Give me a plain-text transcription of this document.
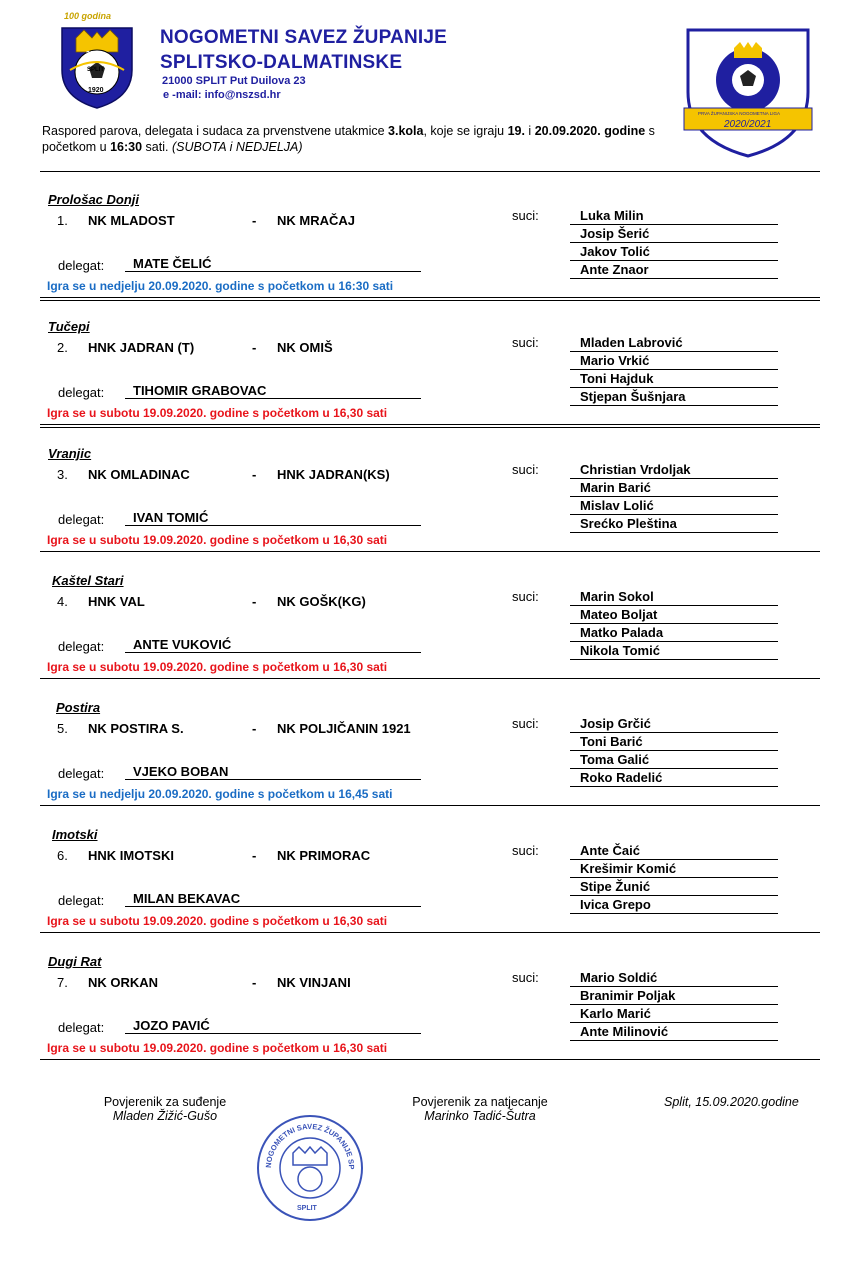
100 godina
2020
SPLIT
1920
NOGOMETNI SAVEZ ŽUPANIJE
SPLITSKO-DALMATINSKE
21000 SPLIT Put Duilova 23
e -mail: info@nszsd.hr
PRVA ŽUPANIJSKA NOGOMETNA LIGA
2020/2021
Raspored parova, delegata i sudaca za prvenstvene utakmice 3.kola, koje se igraju 19. i 20.09.2020. godine s početkom u 16:30 sati. (SUBOTA i NEDJELJA)
Prološac Donji
1. NK MLADOST	- NK MRAČAJ
delegat:	MATE ČELIĆ
suci:	Luka Milin
Josip Šerić
Jakov Tolić
Ante Znaor
Igra se u nedjelju 20.09.2020. godine s početkom u 16:30 sati
Tučepi
2. HNK JADRAN (T)	- NK OMIŠ
delegat:	TIHOMIR GRABOVAC
suci:	Mladen Labrović
Mario Vrkić
Toni Hajduk
Stjepan Šušnjara
Igra se u subotu 19.09.2020. godine s početkom u 16,30 sati
Vranjic
3. NK OMLADINAC	- HNK JADRAN(KS)
delegat:	IVAN TOMIĆ
suci:	Christian Vrdoljak
Marin Barić
Mislav Lolić
Srećko Pleština
Igra se u subotu 19.09.2020. godine s početkom u 16,30 sati
Kaštel Stari
4. HNK VAL	- NK GOŠK(KG)
delegat:	ANTE VUKOVIĆ
suci:	Marin Sokol
Mateo Boljat
Matko Palada
Nikola Tomić
Igra se u subotu 19.09.2020. godine s početkom u 16,30 sati
Postira
5. NK POSTIRA S.	- NK POLJIČANIN 1921
delegat:	VJEKO BOBAN
suci:	Josip Grčić
Toni Barić
Toma Galić
Roko Radelić
Igra se u nedjelju 20.09.2020. godine s početkom u 16,45 sati
Imotski
6. HNK IMOTSKI	- NK PRIMORAC
delegat:	MILAN BEKAVAC
suci:	Ante Čaić
Krešimir Komić
Stipe Žunić
Ivica Grepo
Igra se u subotu 19.09.2020. godine s početkom u 16,30 sati
Dugi Rat
7. NK ORKAN	- NK VINJANI
delegat:	JOZO PAVIĆ
suci:	Mario Soldić
Branimir Poljak
Karlo Marić
Ante Milinović
Igra se u subotu 19.09.2020. godine s početkom u 16,30 sati
Povjerenik za suđenje
Mladen Žižić-Gušo
Povjerenik za natjecanje
Marinko Tadić-Šutra
Split, 15.09.2020.godine
NOGOMETNI SAVEZ ŽUPANIJE SP
SPLIT
